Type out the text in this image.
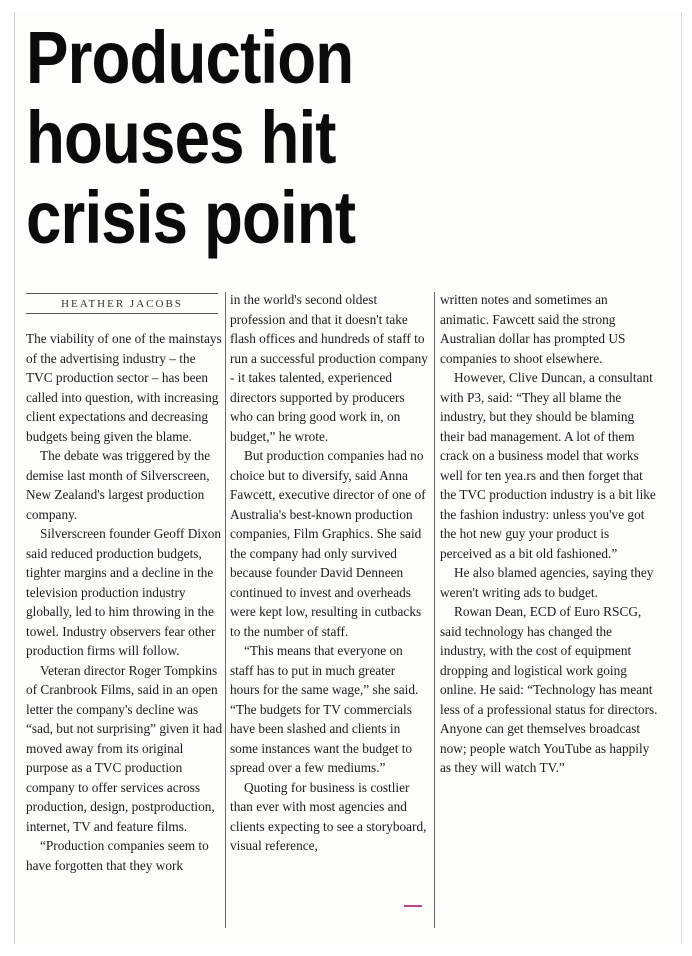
Production
houses hit
crisis point
HEATHER JACOBS

The viability of one of the mainstays of the advertising industry – the TVC production sector – has been called into question, with increasing client expectations and decreasing budgets being given the blame.

The debate was triggered by the demise last month of Silverscreen, New Zealand's largest production company.

Silverscreen founder Geoff Dixon said reduced production budgets, tighter margins and a decline in the television production industry globally, led to him throwing in the towel. Industry observers fear other production firms will follow.

Veteran director Roger Tompkins of Cranbrook Films, said in an open letter the company's decline was “sad, but not surprising” given it had moved away from its original purpose as a TVC production company to offer services across production, design, postproduction, internet, TV and feature films.

“Production companies seem to have forgotten that they work

in the world's second oldest profession and that it doesn't take flash offices and hundreds of staff to run a successful production company - it takes talented, experienced directors supported by producers who can bring good work in, on budget,” he wrote.

But production companies had no choice but to diversify, said Anna Fawcett, executive director of one of Australia's best-known production companies, Film Graphics. She said the company had only survived because founder David Denneen continued to invest and overheads were kept low, resulting in cutbacks to the number of staff.

“This means that everyone on staff has to put in much greater hours for the same wage,” she said. “The budgets for TV commercials have been slashed and clients in some instances want the budget to spread over a few mediums.”

Quoting for business is costlier than ever with most agencies and clients expecting to see a storyboard, visual reference,

written notes and sometimes an animatic. Fawcett said the strong Australian dollar has prompted US companies to shoot elsewhere.

However, Clive Duncan, a consultant with P3, said: “They all blame the industry, but they should be blaming their bad management. A lot of them crack on a business model that works well for ten yea.rs and then forget that the TVC production industry is a bit like the fashion industry: unless you've got the hot new guy your product is perceived as a bit old fashioned.”

He also blamed agencies, saying they weren't writing ads to budget.

Rowan Dean, ECD of Euro RSCG, said technology has changed the industry, with the cost of equipment dropping and logistical work going online. He said: “Technology has meant less of a professional status for directors. Anyone can get themselves broadcast now; people watch YouTube as happily as they will watch TV.”
